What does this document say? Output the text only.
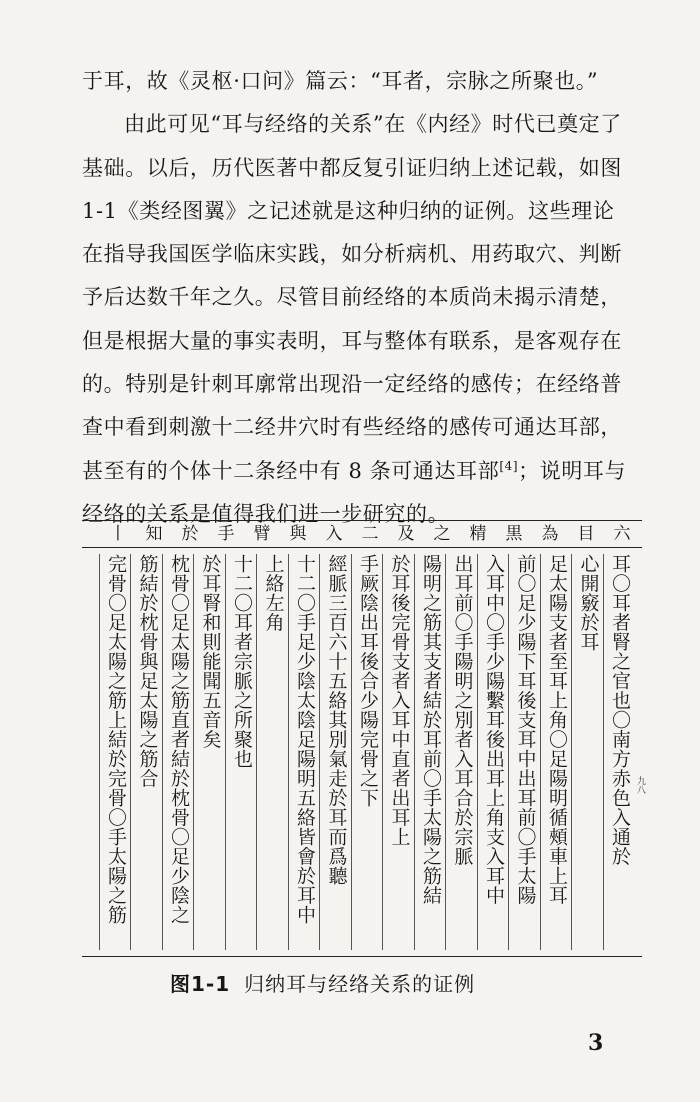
于耳，故《灵枢·口问》篇云：“耳者，宗脉之所聚也。”

由此可见“耳与经络的关系”在《内经》时代已奠定了基础。以后，历代医著中都反复引证归纳上述记载，如图 1-1《类经图翼》之记述就是这种归纳的证例。这些理论在指导我国医学临床实践，如分析病机、用药取穴、判断予后达数千年之久。尽管目前经络的本质尚未揭示清楚，但是根据大量的事实表明，耳与整体有联系，是客观存在的。特别是针刺耳廓常出现沿一定经络的感传；在经络普查中看到刺激十二经井穴时有些经络的感传可通达耳部，甚至有的个体十二条经中有 8 条可通达耳部[4]；说明耳与经络的关系是值得我们进一步研究的。

六
目
為
黒
精
之
及
二
入
與
臂
手
於
知
丨
耳〇耳者腎之官也〇南方赤色入通於
心開竅於耳
足太陽支者至耳上角〇足陽明循頰車上耳
前〇足少陽下耳後支耳中出耳前〇手太陽
入耳中〇手少陽繫耳後出耳上角支入耳中
出耳前〇手陽明之別者入耳合於宗脈
陽明之筋其支者結於耳前〇手太陽之筋結
於耳後完骨支者入耳中直者出耳上
手厥陰出耳後合少陽完骨之下
經脈三百六十五絡其別氣走於耳而爲聽
十二〇手足少陰太陰足陽明五絡皆會於耳中
上絡左角
十二〇耳者宗脈之所聚也
於耳腎和則能聞五音矣
枕骨〇足太陽之筋直者結於枕骨〇足少陰之
筋結於枕骨與足太陽之筋合
完骨〇足太陽之筋上結於完骨〇手太陽之筋	九八
图1-1 归纳耳与经络关系的证例
3
